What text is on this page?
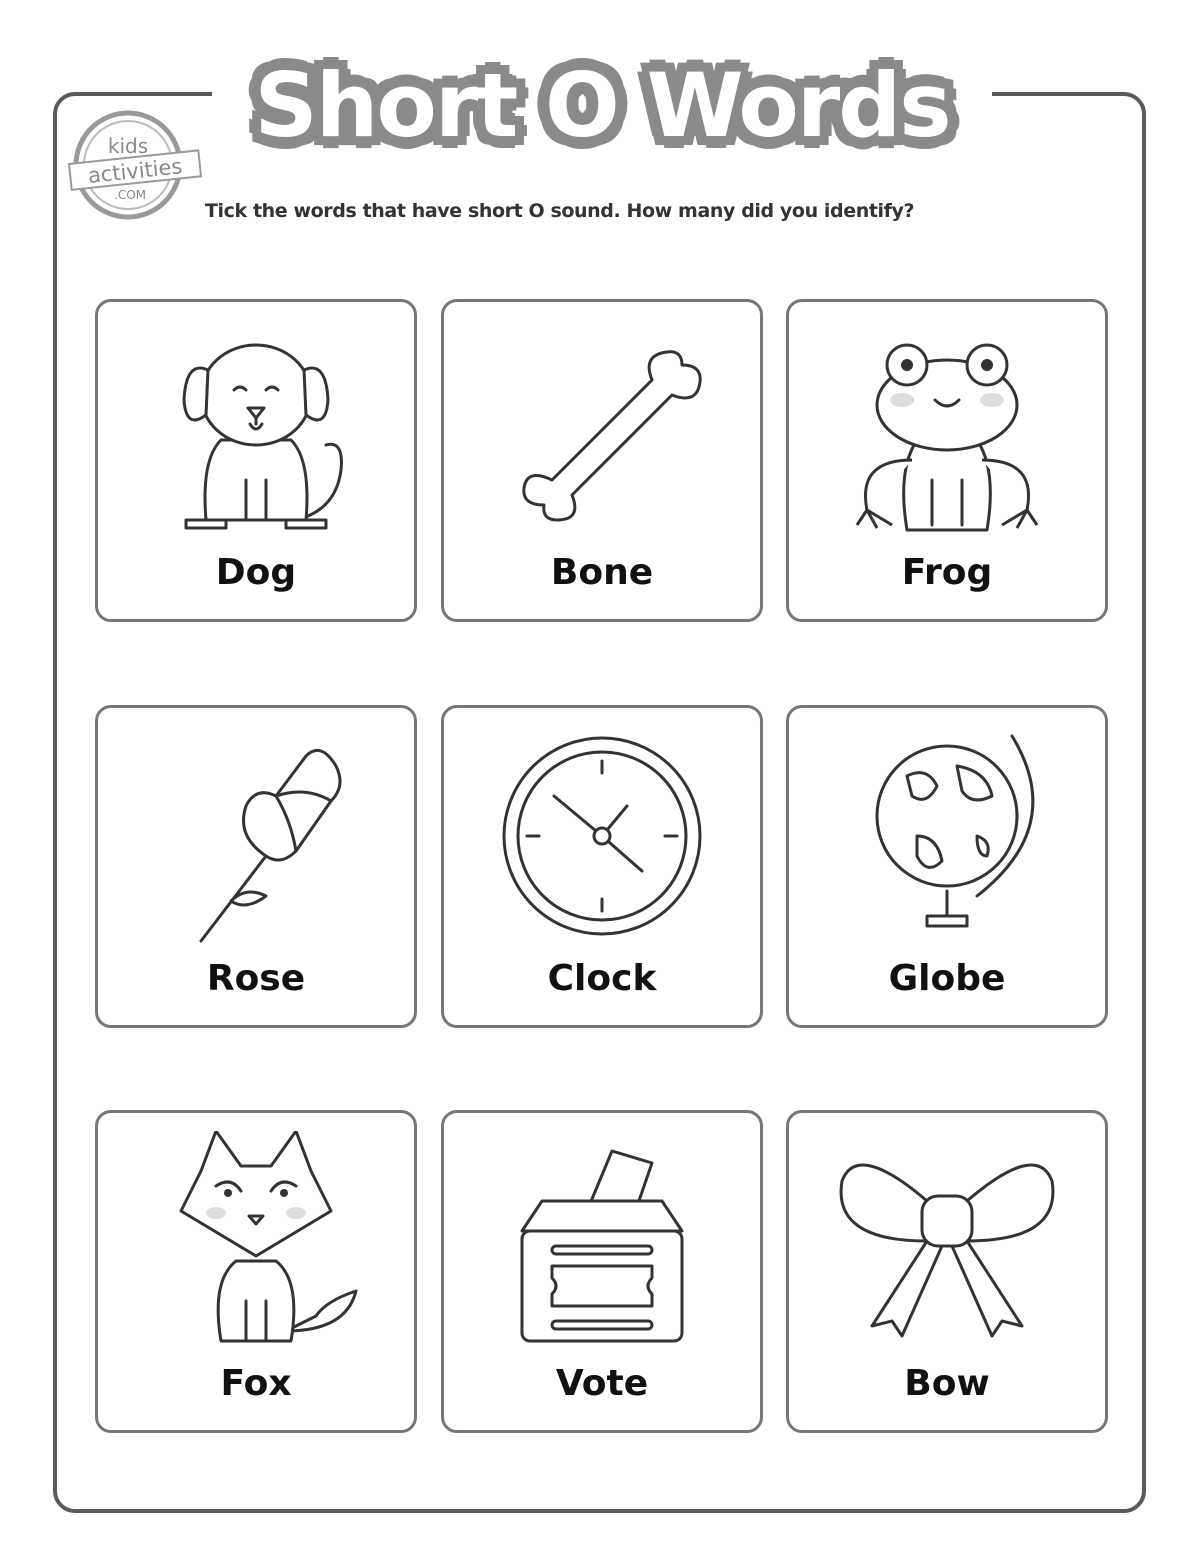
Short O Words
kids
activities
.COM
Tick the words that have short O sound. How many did you identify?
Dog	Bone	Frog
Rose	Clock	Globe
Fox	Vote	Bow
